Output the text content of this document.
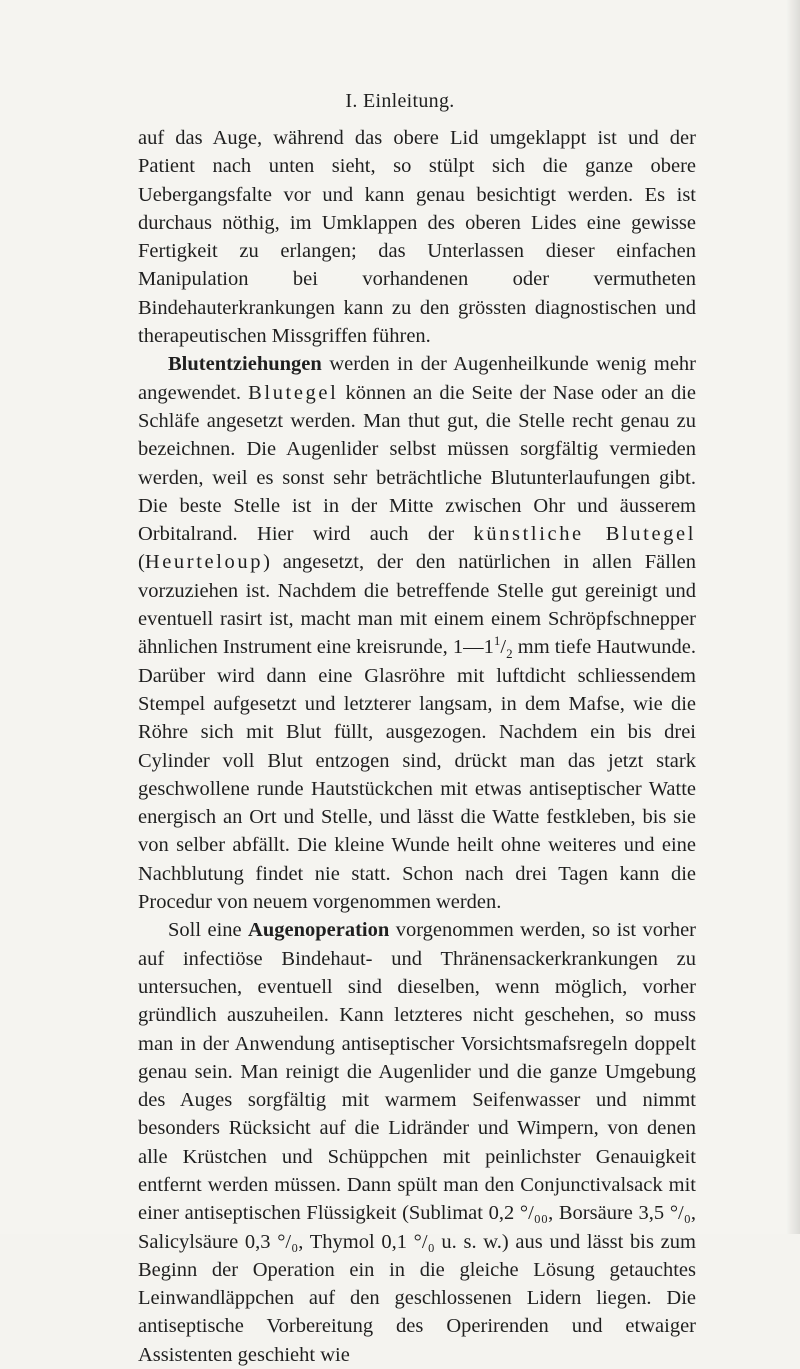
I. Einleitung.

auf das Auge, während das obere Lid umgeklappt ist und der Patient nach unten sieht, so stülpt sich die ganze obere Uebergangsfalte vor und kann genau besichtigt werden. Es ist durchaus nöthig, im Umklappen des oberen Lides eine gewisse Fertigkeit zu erlangen; das Unterlassen dieser einfachen Manipulation bei vorhandenen oder vermutheten Bindehauterkrankungen kann zu den grössten diagnostischen und therapeutischen Missgriffen führen.

Blutentziehungen werden in der Augenheilkunde wenig mehr angewendet. Blutegel können an die Seite der Nase oder an die Schläfe angesetzt werden. Man thut gut, die Stelle recht genau zu bezeichnen. Die Augenlider selbst müssen sorgfältig vermieden werden, weil es sonst sehr beträchtliche Blutunterlaufungen gibt. Die beste Stelle ist in der Mitte zwischen Ohr und äusserem Orbitalrand. Hier wird auch der künstliche Blutegel (Heurteloup) angesetzt, der den natürlichen in allen Fällen vorzuziehen ist. Nachdem die betreffende Stelle gut gereinigt und eventuell rasirt ist, macht man mit einem einem Schröpfschnepper ähnlichen Instrument eine kreisrunde, $1—1^1/_2$ mm tiefe Hautwunde. Darüber wird dann eine Glasröhre mit luftdicht schliessendem Stempel aufgesetzt und letzterer langsam, in dem Mafse, wie die Röhre sich mit Blut füllt, ausgezogen. Nachdem ein bis drei Cylinder voll Blut entzogen sind, drückt man das jetzt stark geschwollene runde Hautstückchen mit etwas antiseptischer Watte energisch an Ort und Stelle, und lässt die Watte festkleben, bis sie von selber abfällt. Die kleine Wunde heilt ohne weiteres und eine Nachblutung findet nie statt. Schon nach drei Tagen kann die Procedur von neuem vorgenommen werden.

Soll eine Augenoperation vorgenommen werden, so ist vorher auf infectiöse Bindehaut- und Thränensackerkrankungen zu untersuchen, eventuell sind dieselben, wenn möglich, vorher gründlich auszuheilen. Kann letzteres nicht geschehen, so muss man in der Anwendung antiseptischer Vorsichtsmafsregeln doppelt genau sein. Man reinigt die Augenlider und die ganze Umgebung des Auges sorgfältig mit warmem Seifenwasser und nimmt besonders Rücksicht auf die Lidränder und Wimpern, von denen alle Krüstchen und Schüppchen mit peinlichster Genauigkeit entfernt werden müssen. Dann spült man den Conjunctivalsack mit einer antiseptischen Flüssigkeit (Sublimat 0,2 °/₀₀, Borsäure 3,5 °/₀, Salicylsäure 0,3 °/₀, Thymol 0,1 °/₀ u. s. w.) aus und lässt bis zum Beginn der Operation ein in die gleiche Lösung getauchtes Leinwandläppchen auf den geschlossenen Lidern liegen. Die antiseptische Vorbereitung des Operirenden und etwaiger Assistenten geschieht wie
